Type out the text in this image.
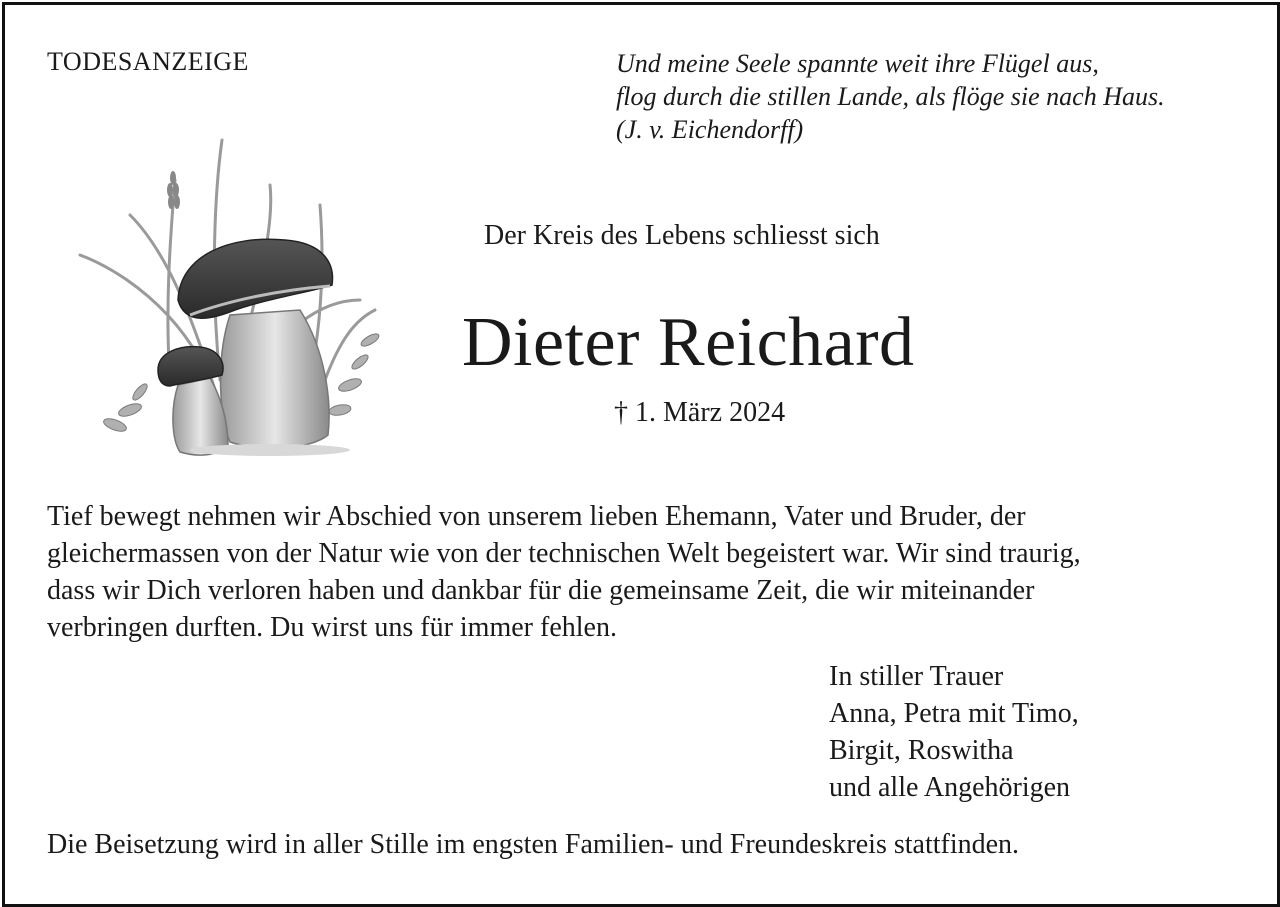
TODESANZEIGE	Und meine Seele spannte weit ihre Flügel aus,
flog durch die stillen Lande, als flöge sie nach Haus.
(J. v. Eichendorff)
Der Kreis des Lebens schliesst sich
Dieter Reichard
† 1. März 2024
Tief bewegt nehmen wir Abschied von unserem lieben Ehemann, Vater und Bruder, der
gleichermassen von der Natur wie von der technischen Welt begeistert war. Wir sind traurig,
dass wir Dich verloren haben und dankbar für die gemeinsame Zeit, die wir miteinander
verbringen durften. Du wirst uns für immer fehlen.
In stiller Trauer
Anna, Petra mit Timo,
Birgit, Roswitha
und alle Angehörigen
Die Beisetzung wird in aller Stille im engsten Familien- und Freundeskreis stattfinden.
